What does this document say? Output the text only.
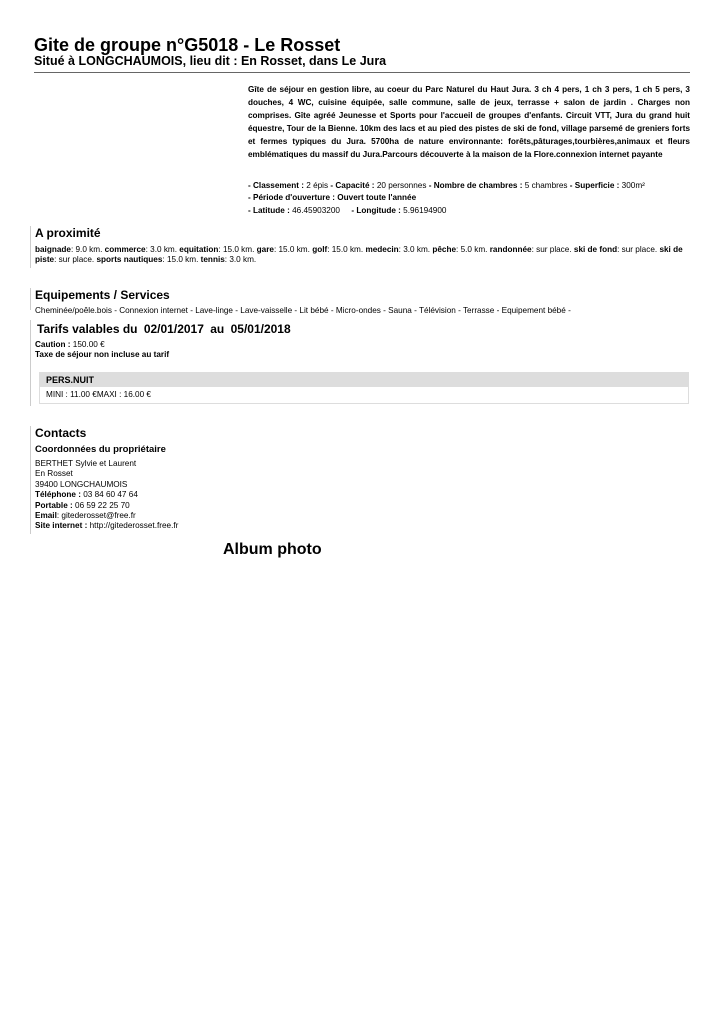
Gite de groupe n°G5018 - Le Rosset
Situé à LONGCHAUMOIS, lieu dit : En Rosset, dans Le Jura
Gîte de séjour en gestion libre, au coeur du Parc Naturel du Haut Jura. 3 ch 4 pers, 1 ch 3 pers, 1 ch 5 pers, 3 douches, 4 WC, cuisine équipée, salle commune, salle de jeux, terrasse + salon de jardin . Charges non comprises. Gîte agréé Jeunesse et Sports pour l'accueil de groupes d'enfants. Circuit VTT, Jura du grand huit équestre, Tour de la Bienne. 10km des lacs et au pied des pistes de ski de fond, village parsemé de greniers forts et fermes typiques du Jura. 5700ha de nature environnante: forêts,pâturages,tourbières,animaux et fleurs emblématiques du massif du Jura.Parcours découverte à la maison de la Flore.connexion internet payante
- Classement : 2 épis - Capacité : 20 personnes - Nombre de chambres : 5 chambres - Superficie : 300m²
- Période d'ouverture : Ouvert toute l'année
- Latitude : 46.45903200 - Longitude : 5.96194900
A proximité
baignade: 9.0 km. commerce: 3.0 km. equitation: 15.0 km. gare: 15.0 km. golf: 15.0 km. medecin: 3.0 km. pêche: 5.0 km. randonnée: sur place. ski de fond: sur place. ski de piste: sur place. sports nautiques: 15.0 km. tennis: 3.0 km.
Equipements / Services
Cheminée/poêle.bois - Connexion internet - Lave-linge - Lave-vaisselle - Lit bébé - Micro-ondes - Sauna - Télévision - Terrasse - Equipement bébé -
Tarifs valables du 02/01/2017 au 05/01/2018
Caution : 150.00 €
Taxe de séjour non incluse au tarif
PERS.NUIT
MINI : 11.00 €MAXI : 16.00 €
Contacts
Coordonnées du propriétaire
BERTHET Sylvie et Laurent
En Rosset
39400 LONGCHAUMOIS
Téléphone : 03 84 60 47 64
Portable : 06 59 22 25 70
Email: gitederosset@free.fr
Site internet : http://gitederosset.free.fr
Album photo
